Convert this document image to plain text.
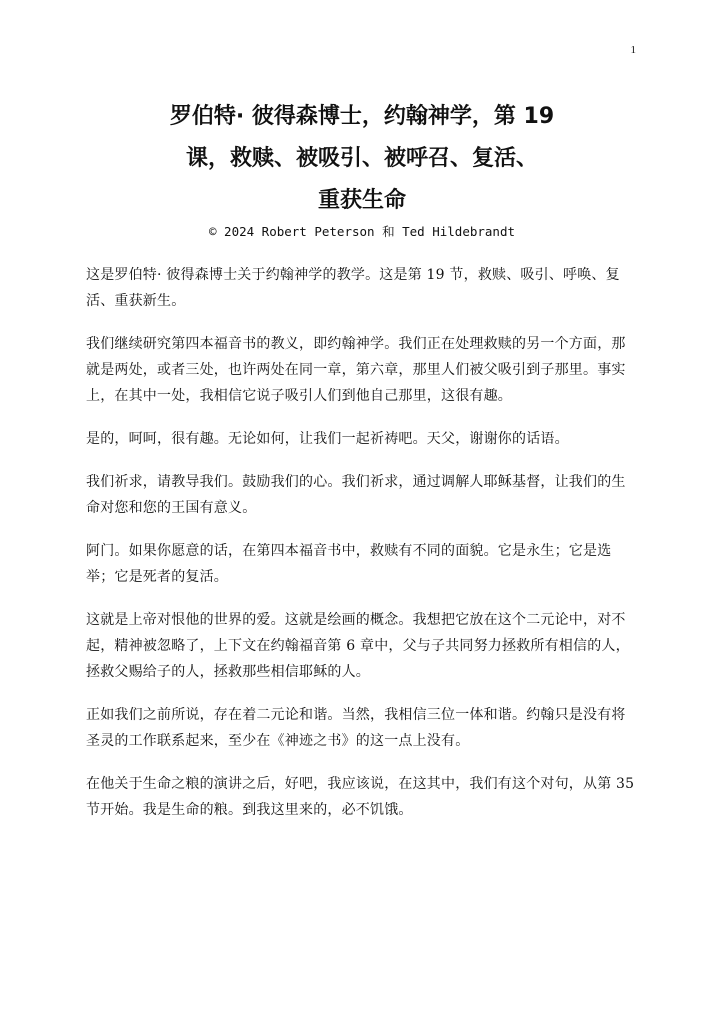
1
罗伯特· 彼得森博士，约翰神学，第 19
课，救赎、被吸引、被呼召、复活、
重获生命
© 2024 Robert Peterson 和 Ted Hildebrandt

这是罗伯特· 彼得森博士关于约翰神学的教学。这是第 19 节，救赎、吸引、呼唤、复活、重获新生。

我们继续研究第四本福音书的教义，即约翰神学。我们正在处理救赎的另一个方面，那就是两处，或者三处，也许两处在同一章，第六章，那里人们被父吸引到子那里。事实上，在其中一处，我相信它说子吸引人们到他自己那里，这很有趣。

是的，呵呵，很有趣。无论如何，让我们一起祈祷吧。天父，谢谢你的话语。

我们祈求，请教导我们。鼓励我们的心。我们祈求，通过调解人耶稣基督，让我们的生命对您和您的王国有意义。

阿门。如果你愿意的话，在第四本福音书中，救赎有不同的面貌。它是永生；它是选举；它是死者的复活。

这就是上帝对恨他的世界的爱。这就是绘画的概念。我想把它放在这个二元论中，对不起，精神被忽略了，上下文在约翰福音第 6 章中，父与子共同努力拯救所有相信的人，拯救父赐给子的人，拯救那些相信耶稣的人。

正如我们之前所说，存在着二元论和谐。当然，我相信三位一体和谐。约翰只是没有将圣灵的工作联系起来，至少在《神迹之书》的这一点上没有。

在他关于生命之粮的演讲之后，好吧，我应该说，在这其中，我们有这个对句，从第 35 节开始。我是生命的粮。到我这里来的，必不饥饿。
